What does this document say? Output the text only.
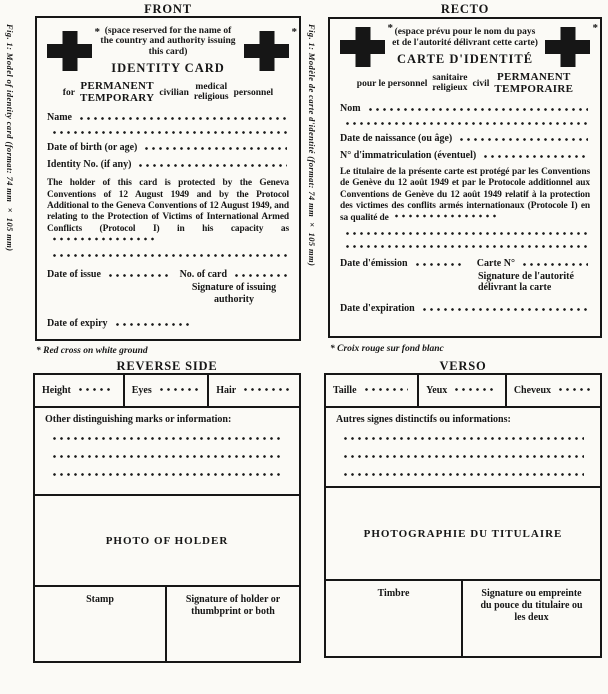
FRONT
Fig. 1: Model of identity card (format: 74 mm × 105 mm)	* (space reserved for the name of the country and authority issuing this card)
IDENTITY CARD
*
for
PERMANENT
TEMPORARY civilian
medical
religious personnel
Name
Date of birth (or age)
Identity No. (if any)

The holder of this card is protected by the Geneva Conventions of 12 August 1949 and by the Protocol Additional to the Geneva Conventions of 12 August 1949, and relating to the Protection of Victims of International Armed Conflicts (Protocol I) in his capacity as

Date of issue	No. of card
Signature of issuing authority
Date of expiry
* Red cross on white ground
RECTO
Fig. 1: Modèle de carte d'identité (format: 74 mm × 105 mm)	* (espace prévu pour le nom du pays et de l'autorité délivrant cette carte)
CARTE D'IDENTITÉ
*
pour le personnel
sanitaire
religieux civil
PERMANENT
TEMPORAIRE
Nom
Date de naissance (ou âge)
N° d'immatriculation (éventuel)

Le titulaire de la présente carte est protégé par les Conventions de Genève du 12 août 1949 et par le Protocole additionnel aux Conventions de Genève du 12 août 1949 relatif à la protection des victimes des conflits armés internationaux (Protocole I) en sa qualité de

Date d'émission	Carte N°
Signature de l'autorité
délivrant la carte
Date d'expiration
* Croix rouge sur fond blanc
REVERSE SIDE
Height	Eyes	Hair
Other distinguishing marks or information:
PHOTO OF HOLDER
Stamp	Signature of holder or thumbprint or both
VERSO
Taille	Yeux	Cheveux
Autres signes distinctifs ou informations:
PHOTOGRAPHIE DU TITULAIRE
Timbre	Signature ou empreinte du pouce du titulaire ou les deux
